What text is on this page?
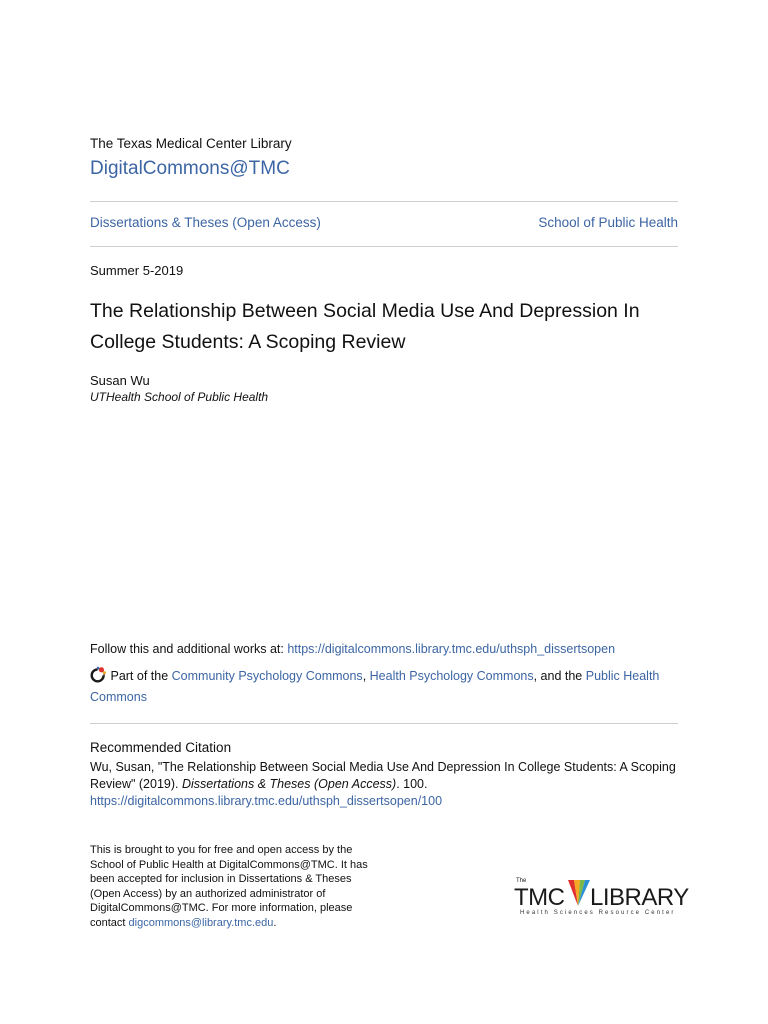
The Texas Medical Center Library
DigitalCommons@TMC
Dissertations & Theses (Open Access)	School of Public Health
Summer 5-2019
The Relationship Between Social Media Use And Depression In College Students: A Scoping Review
Susan Wu
UTHealth School of Public Health
Follow this and additional works at: https://digitalcommons.library.tmc.edu/uthsph_dissertsopen
Part of the Community Psychology Commons, Health Psychology Commons, and the Public Health Commons
Recommended Citation
Wu, Susan, "The Relationship Between Social Media Use And Depression In College Students: A Scoping Review" (2019). Dissertations & Theses (Open Access). 100.
https://digitalcommons.library.tmc.edu/uthsph_dissertsopen/100
This is brought to you for free and open access by the School of Public Health at DigitalCommons@TMC. It has been accepted for inclusion in Dissertations & Theses (Open Access) by an authorized administrator of DigitalCommons@TMC. For more information, please contact digcommons@library.tmc.edu.
The
TMC LIBRARY
Health Sciences Resource Center
